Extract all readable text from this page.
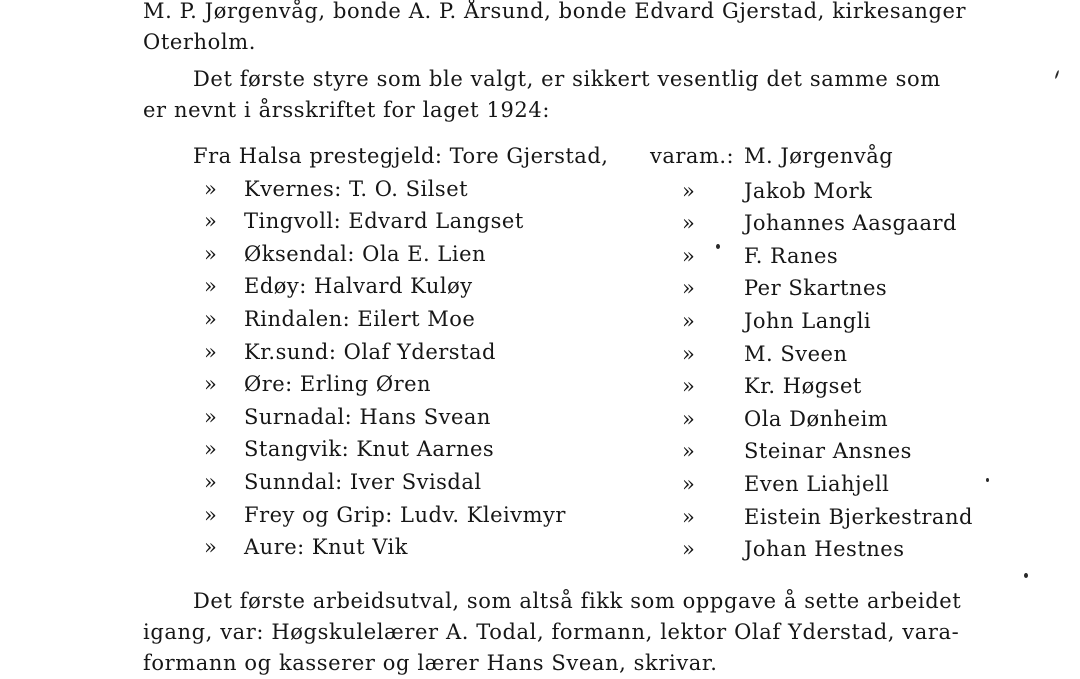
M. P. Jørgenvåg, bonde A. P. Årsund, bonde Edvard Gjerstad, kirkesanger
Oterholm.

Det første styre som ble valgt, er sikkert vesentlig det samme som
er nevnt i årsskriftet for laget 1924:

Fra Halsa prestegjeld: Tore Gjerstad, varam.: M. Jørgenvåg
» Kvernes: T. O. Silset	» Jakob Mork
» Tingvoll: Edvard Langset	» Johannes Aasgaard
» Øksendal: Ola E. Lien	» F. Ranes
» Edøy: Halvard Kuløy	» Per Skartnes
» Rindalen: Eilert Moe	» John Langli
» Kr.sund: Olaf Yderstad	» M. Sveen
» Øre: Erling Øren	» Kr. Høgset
» Surnadal: Hans Svean	» Ola Dønheim
» Stangvik: Knut Aarnes	» Steinar Ansnes
» Sunndal: Iver Svisdal	» Even Liahjell
» Frey og Grip: Ludv. Kleivmyr	» Eistein Bjerkestrand
» Aure: Knut Vik	» Johan Hestnes

Det første arbeidsutval, som altså fikk som oppgave å sette arbeidet
igang, var: Høgskulelærer A. Todal, formann, lektor Olaf Yderstad, vara-
formann og kasserer og lærer Hans Svean, skrivar.
